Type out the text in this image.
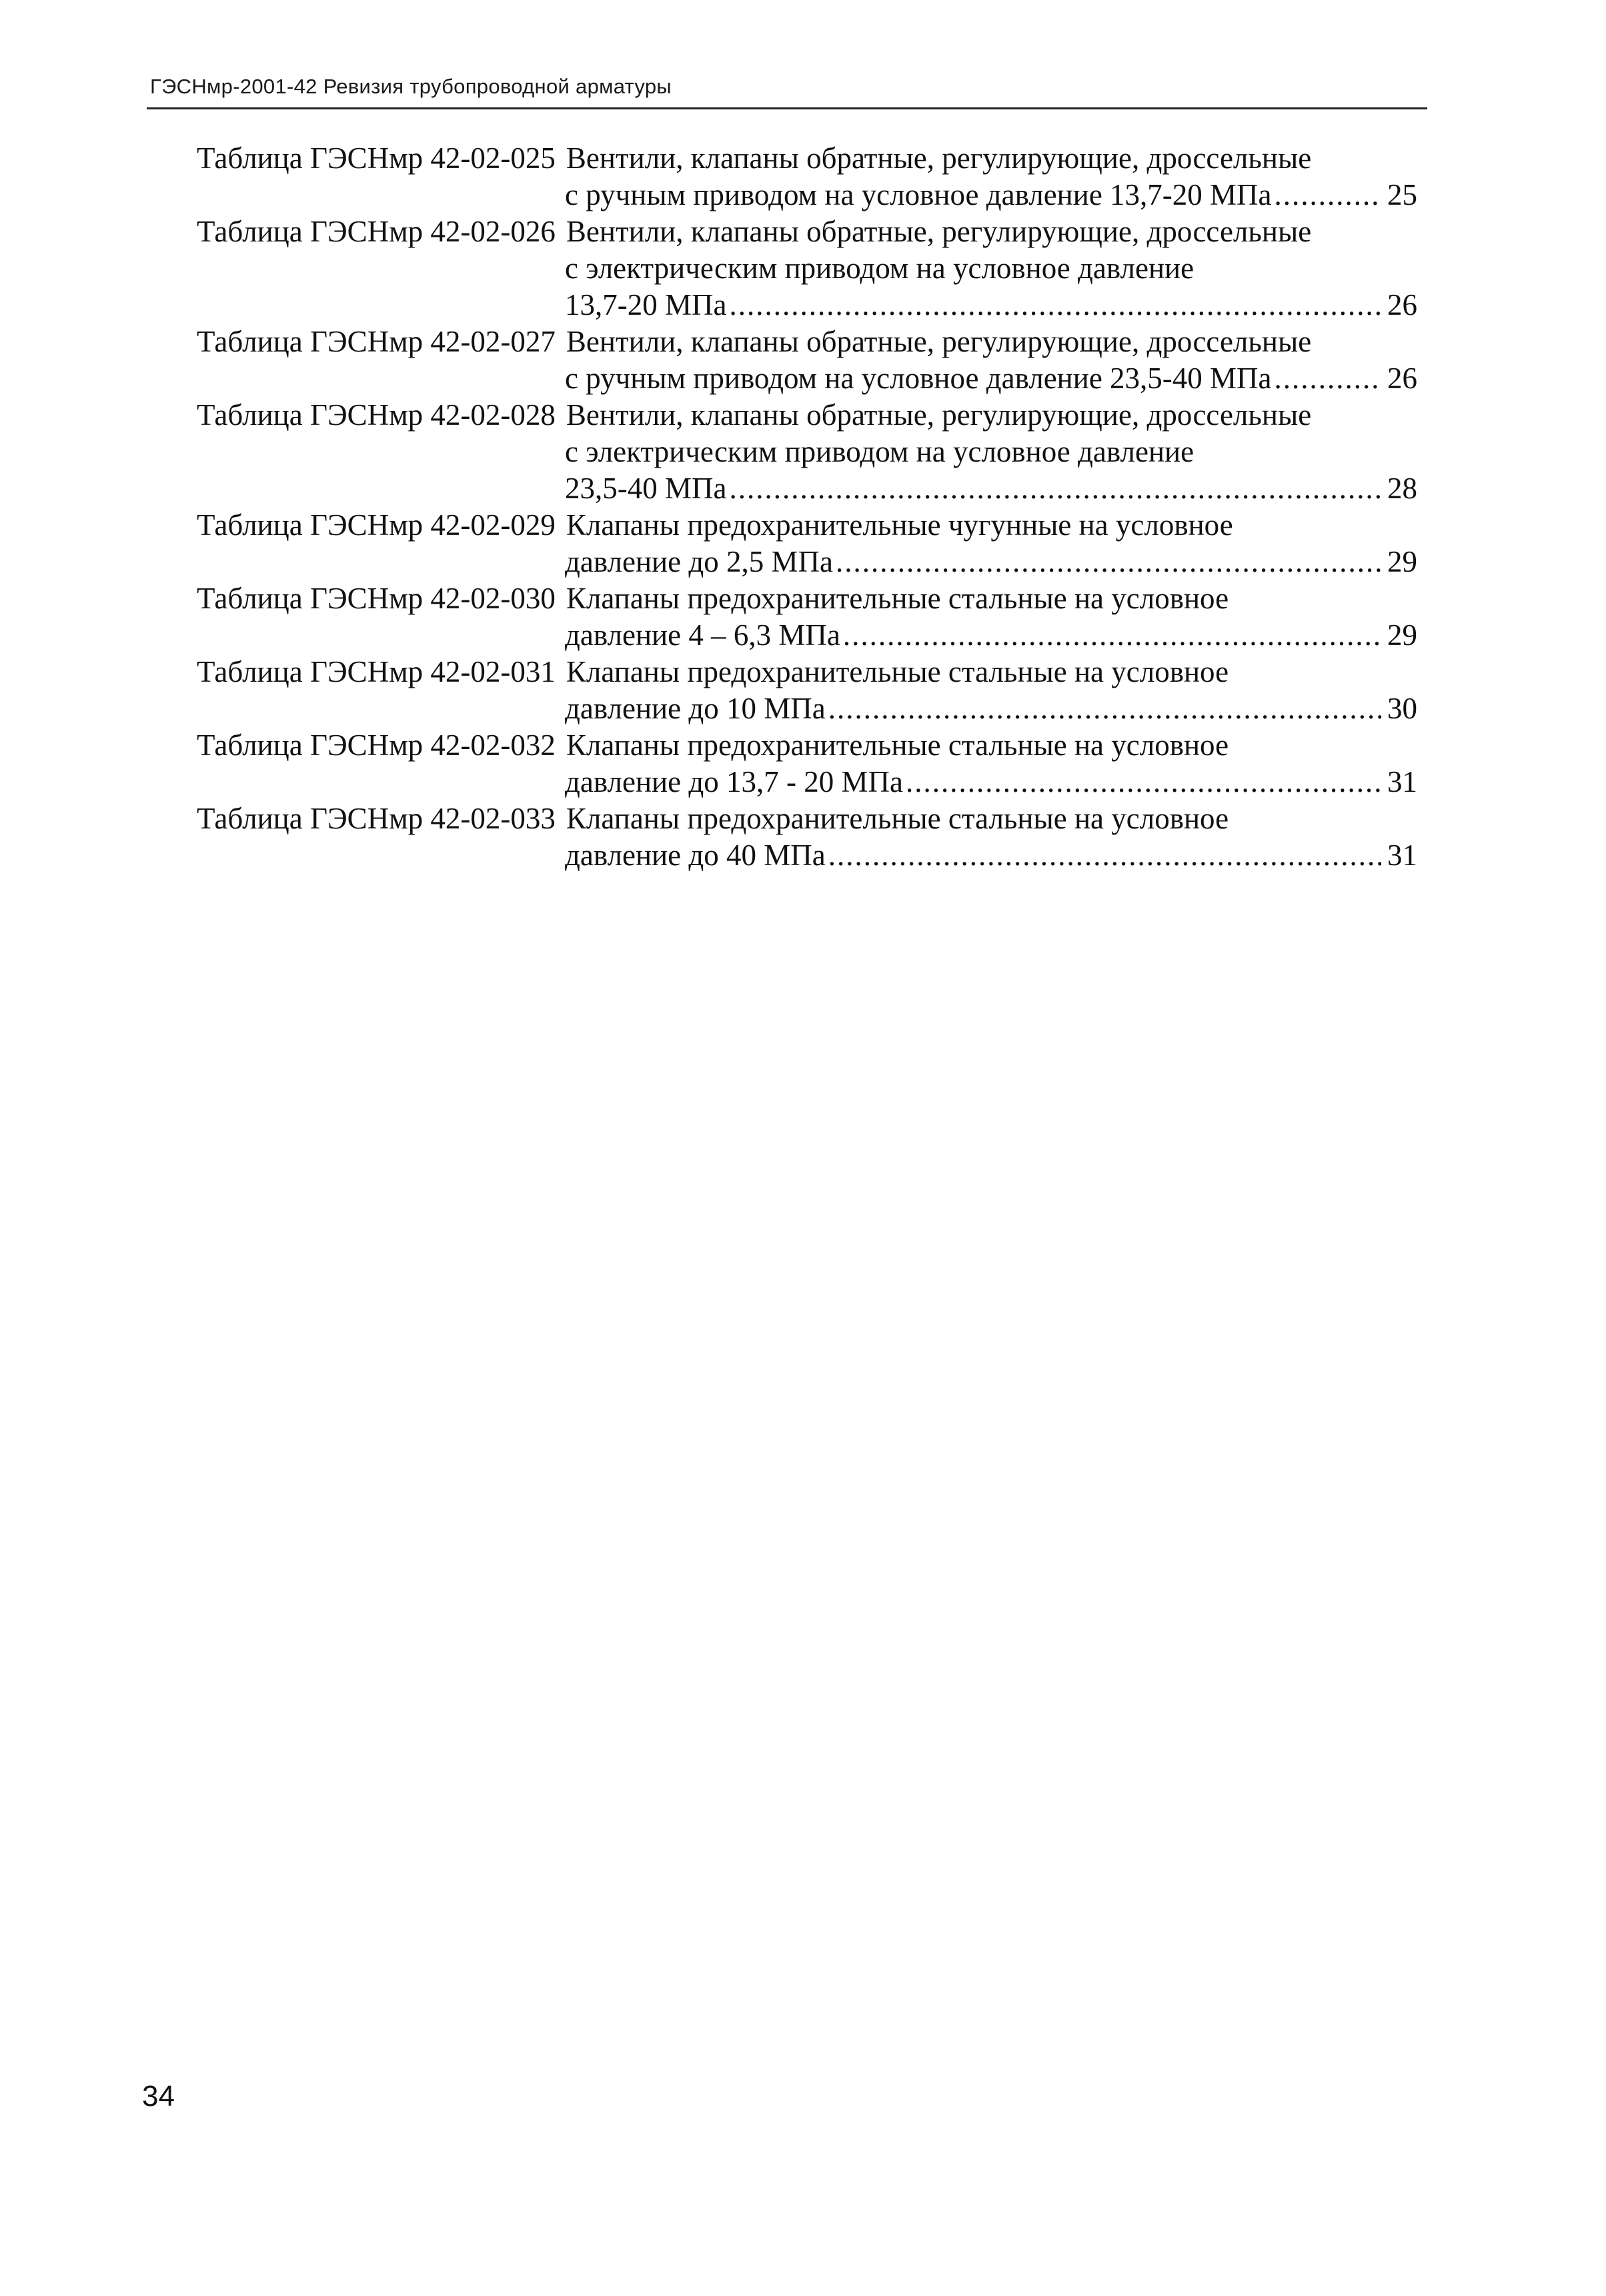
ГЭСНмр-2001-42 Ревизия трубопроводной арматуры
Таблица ГЭСНмр 42-02-025 Вентили, клапаны обратные, регулирующие, дроссельные
с ручным приводом на условное давление 13,7-20 МПа .....	25
Таблица ГЭСНмр 42-02-026 Вентили, клапаны обратные, регулирующие, дроссельные
с электрическим приводом на условное давление
13,7-20 МПа .....	26
Таблица ГЭСНмр 42-02-027 Вентили, клапаны обратные, регулирующие, дроссельные
с ручным приводом на условное давление 23,5-40 МПа .....	26
Таблица ГЭСНмр 42-02-028 Вентили, клапаны обратные, регулирующие, дроссельные
с электрическим приводом на условное давление
23,5-40 МПа .....	28
Таблица ГЭСНмр 42-02-029 Клапаны предохранительные чугунные на условное
давление до 2,5 МПа .....	29
Таблица ГЭСНмр 42-02-030 Клапаны предохранительные стальные на условное
давление 4 – 6,3 МПа .....	29
Таблица ГЭСНмр 42-02-031 Клапаны предохранительные стальные на условное
давление до 10 МПа .....	30
Таблица ГЭСНмр 42-02-032 Клапаны предохранительные стальные на условное
давление до 13,7 - 20 МПа .....	31
Таблица ГЭСНмр 42-02-033 Клапаны предохранительные стальные на условное
давление до 40 МПа .....	31
34
